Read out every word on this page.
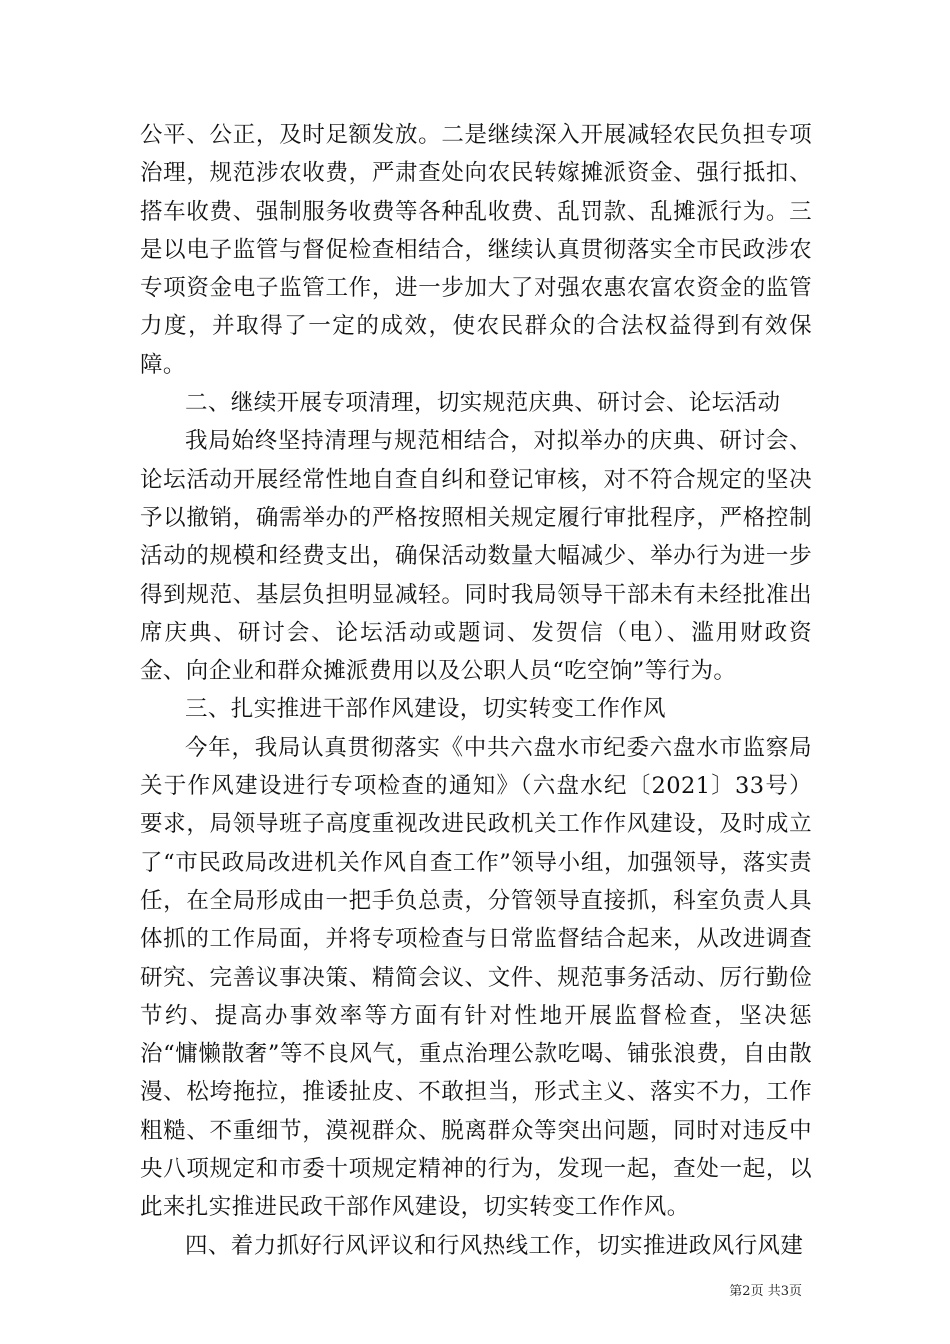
公平、公正，及时足额发放。二是继续深入开展减轻农民负担专项治理，规范涉农收费，严肃查处向农民转嫁摊派资金、强行抵扣、搭车收费、强制服务收费等各种乱收费、乱罚款、乱摊派行为。三是以电子监管与督促检查相结合，继续认真贯彻落实全市民政涉农专项资金电子监管工作，进一步加大了对强农惠农富农资金的监管力度，并取得了一定的成效，使农民群众的合法权益得到有效保障。

二、继续开展专项清理，切实规范庆典、研讨会、论坛活动

我局始终坚持清理与规范相结合，对拟举办的庆典、研讨会、论坛活动开展经常性地自查自纠和登记审核，对不符合规定的坚决予以撤销，确需举办的严格按照相关规定履行审批程序，严格控制活动的规模和经费支出，确保活动数量大幅减少、举办行为进一步得到规范、基层负担明显减轻。同时我局领导干部未有未经批准出席庆典、研讨会、论坛活动或题词、发贺信（电）、滥用财政资金、向企业和群众摊派费用以及公职人员“吃空饷”等行为。

三、扎实推进干部作风建设，切实转变工作作风

今年，我局认真贯彻落实《中共六盘水市纪委六盘水市监察局关于作风建设进行专项检查的通知》（六盘水纪〔2021〕33号）要求，局领导班子高度重视改进民政机关工作作风建设，及时成立了“市民政局改进机关作风自查工作”领导小组，加强领导，落实责任，在全局形成由一把手负总责，分管领导直接抓，科室负责人具体抓的工作局面，并将专项检查与日常监督结合起来，从改进调查研究、完善议事决策、精简会议、文件、规范事务活动、厉行勤俭节约、提高办事效率等方面有针对性地开展监督检查，坚决惩治“慵懒散奢”等不良风气，重点治理公款吃喝、铺张浪费，自由散漫、松垮拖拉，推诿扯皮、不敢担当，形式主义、落实不力，工作粗糙、不重细节，漠视群众、脱离群众等突出问题，同时对违反中央八项规定和市委十项规定精神的行为，发现一起，查处一起，以此来扎实推进民政干部作风建设，切实转变工作作风。

四、着力抓好行风评议和行风热线工作，切实推进政风行风建

第2页 共3页
